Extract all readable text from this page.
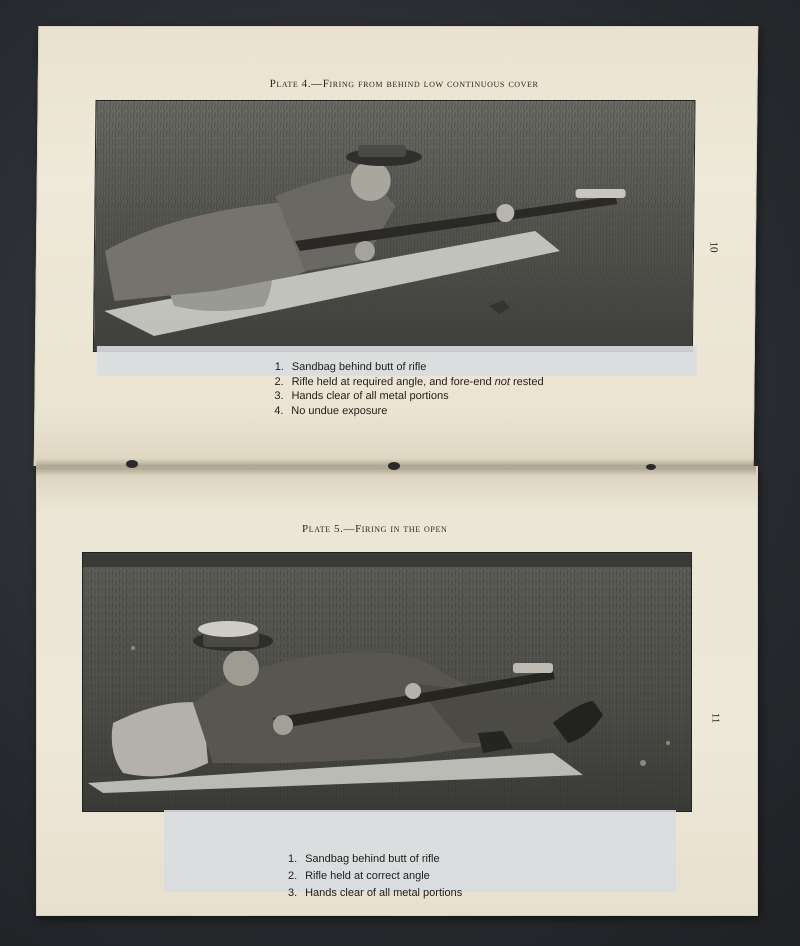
Plate 4.—Firing from behind low continuous cover
1. Sandbag behind butt of rifle
2. Rifle held at required angle, and fore-end not rested
3. Hands clear of all metal portions
4. No undue exposure
10
Plate 5.—Firing in the open
1. Sandbag behind butt of rifle
2. Rifle held at correct angle
3. Hands clear of all metal portions
11
